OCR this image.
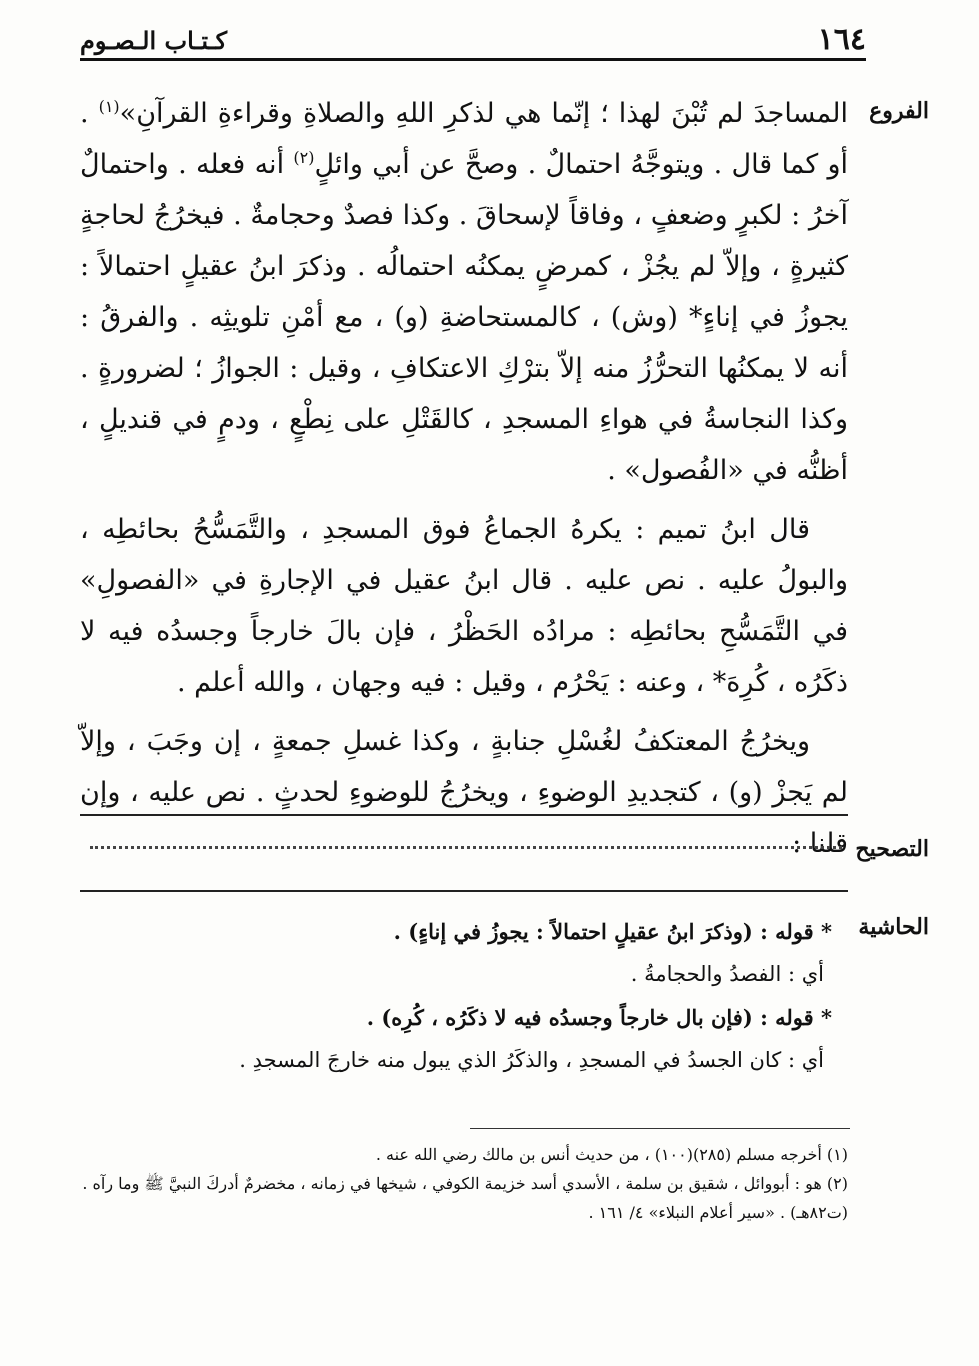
١٦٤
كـتـاب الـصـوم
الفروع

المساجدَ لم تُبْنَ لهذا ؛ إنّما هي لذكرِ اللهِ والصلاةِ وقراءةِ القرآنِ»$^{(١)}$ . أو كما قال . ويتوجَّهُ احتمالٌ . وصحَّ عن أبي وائلٍ$^{(٢)}$ أنه فعله . واحتمالٌ آخرُ : لكبرٍ وضعفٍ ، وفاقاً لإسحاقَ . وكذا فصدٌ وحجامةٌ . فيخرُجُ لحاجةٍ كثيرةٍ ، وإلاّ لم يجُزْ ، كمرضٍ يمكنُه احتمالُه . وذكرَ ابنُ عقيلٍ احتمالاً : يجوزُ في إناءٍ* (وش) ، كالمستحاضةِ (و) ، مع أمْنِ تلويثِه . والفرقُ : أنه لا يمكنُها التحرُّزُ منه إلاّ بترْكِ الاعتكافِ ، وقيل : الجوازُ ؛ لضرورةٍ . وكذا النجاسةُ في هواءِ المسجدِ ، كالقَتْلِ على نِطْعٍ ، ودمٍ في قنديلٍ ، أظنُّه في «الفُصول» .

قال ابنُ تميم : يكرهُ الجماعُ فوق المسجدِ ، والتَّمَسُّحُ بحائطِه ، والبولُ عليه . نص عليه . قال ابنُ عقيل في الإجارةِ في «الفصولِ» في التَّمَسُّحِ بحائطِه : مرادُه الحَظْرُ ، فإن بالَ خارجاً وجسدُه فيه لا ذكَرُه ، كُرِهَ* ، وعنه : يَحْرُم ، وقيل : فيه وجهان ، والله أعلم .

ويخرُجُ المعتكفُ لغُسْلِ جنابةٍ ، وكذا غسلِ جمعةٍ ، إن وجَبَ ، وإلاّ لم يَجزْ (و) ، كتجديدِ الوضوءِ ، ويخرُجُ للوضوءِ لحدثٍ . نص عليه ، وإن قلنا : التصحيح
الحاشية

* قوله : (وذكرَ ابنُ عقيلٍ احتمالاً : يجوزُ في إناءٍ) .

أي : الفصدُ والحجامةُ .

* قوله : (فإن بال خارجاً وجسدُه فيه لا ذكَرُه ، كُرِه) .

أي : كان الجسدُ في المسجدِ ، والذكَرُ الذي يبول منه خارجَ المسجدِ .

(١) أخرجه مسلم (٢٨٥)(١٠٠) ، من حديث أنس بن مالك رضي الله عنه .

(٢) هو : أبووائل ، شقيق بن سلمة ، الأسدي أسد خزيمة الكوفي ، شيخها في زمانه ، مخضرمٌ أدركَ النبيَّ ﷺ وما رآه .

(ت٨٢هـ) . «سير أعلام النبلاء» ٤/ ١٦١ .
